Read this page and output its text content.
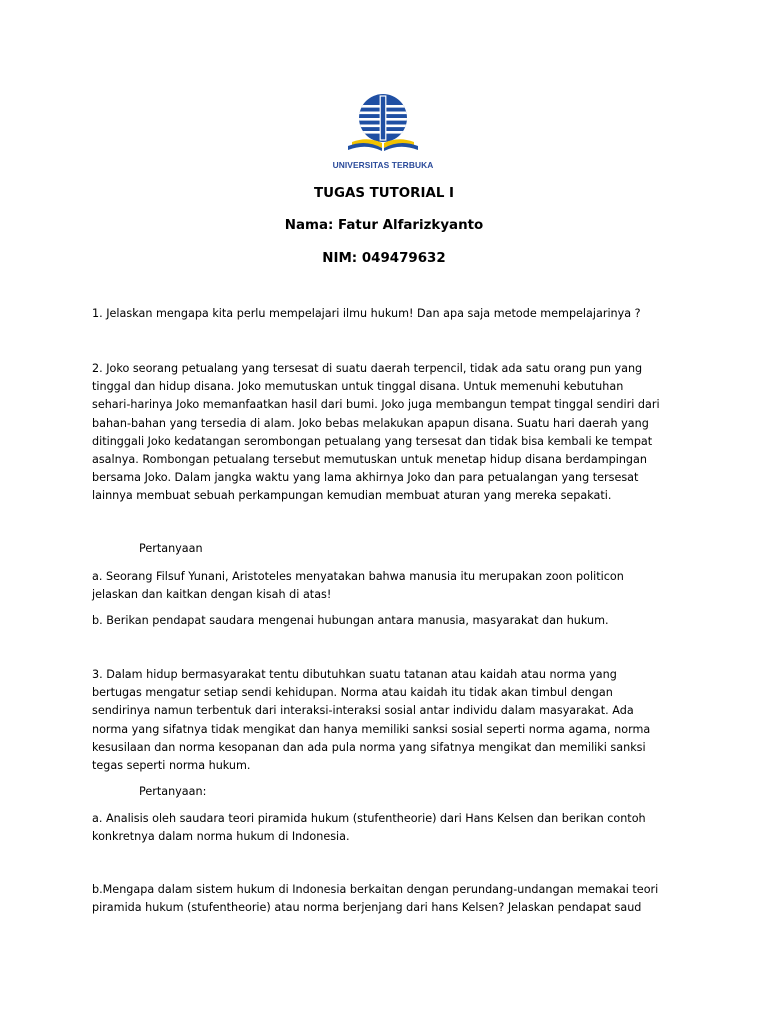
UNIVERSITAS TERBUKA
TUGAS TUTORIAL I
Nama: Fatur Alfarizkyanto
NIM: 049479632
1. Jelaskan mengapa kita perlu mempelajari ilmu hukum! Dan apa saja metode mempelajarinya ?
2. Joko seorang petualang yang tersesat di suatu daerah terpencil, tidak ada satu orang pun yang
tinggal dan hidup disana. Joko memutuskan untuk tinggal disana. Untuk memenuhi kebutuhan
sehari-harinya Joko memanfaatkan hasil dari bumi. Joko juga membangun tempat tinggal sendiri dari
bahan-bahan yang tersedia di alam. Joko bebas melakukan apapun disana. Suatu hari daerah yang
ditinggali Joko kedatangan serombongan petualang yang tersesat dan tidak bisa kembali ke tempat
asalnya. Rombongan petualang tersebut memutuskan untuk menetap hidup disana berdampingan
bersama Joko. Dalam jangka waktu yang lama akhirnya Joko dan para petualangan yang tersesat
lainnya membuat sebuah perkampungan kemudian membuat aturan yang mereka sepakati.
Pertanyaan
a. Seorang Filsuf Yunani, Aristoteles menyatakan bahwa manusia itu merupakan zoon politicon
jelaskan dan kaitkan dengan kisah di atas!
b. Berikan pendapat saudara mengenai hubungan antara manusia, masyarakat dan hukum.
3. Dalam hidup bermasyarakat tentu dibutuhkan suatu tatanan atau kaidah atau norma yang
bertugas mengatur setiap sendi kehidupan. Norma atau kaidah itu tidak akan timbul dengan
sendirinya namun terbentuk dari interaksi-interaksi sosial antar individu dalam masyarakat. Ada
norma yang sifatnya tidak mengikat dan hanya memiliki sanksi sosial seperti norma agama, norma
kesusilaan dan norma kesopanan dan ada pula norma yang sifatnya mengikat dan memiliki sanksi
tegas seperti norma hukum.
Pertanyaan:
a. Analisis oleh saudara teori piramida hukum (stufentheorie) dari Hans Kelsen dan berikan contoh
konkretnya dalam norma hukum di Indonesia.
b.Mengapa dalam sistem hukum di Indonesia berkaitan dengan perundang-undangan memakai teori
piramida hukum (stufentheorie) atau norma berjenjang dari hans Kelsen? Jelaskan pendapat saud
